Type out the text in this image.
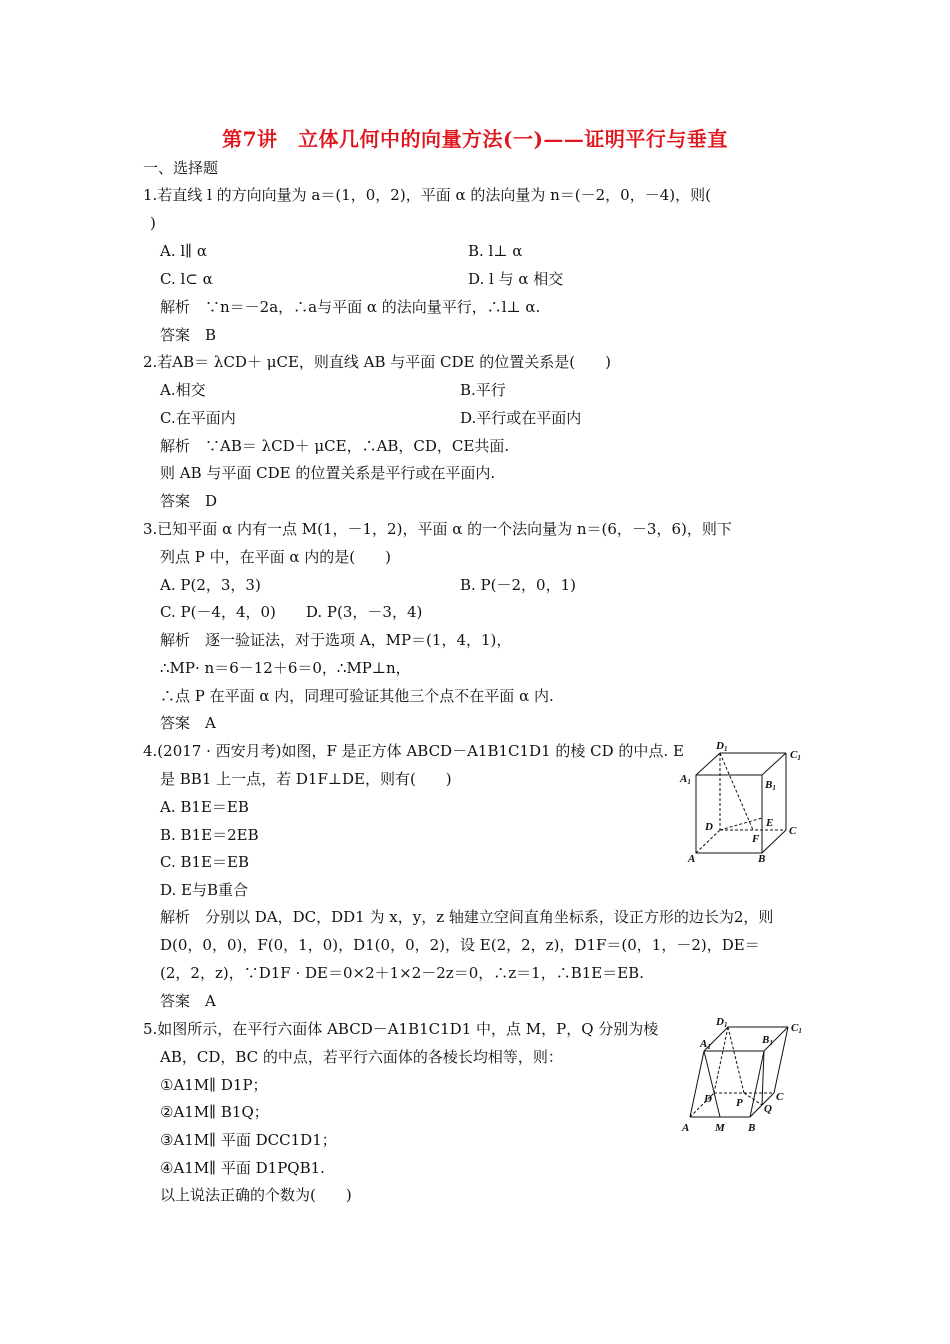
第7讲　立体几何中的向量方法(一)——证明平行与垂直
一、选择题
1.若直线 l 的方向向量为 a＝(1，0，2)，平面 α 的法向量为 n＝(－2，0，－4)，则(
)
A. l∥ α	B. l⊥ α
C. l⊂ α	D. l 与 α 相交
解析　∵n＝－2a，∴a与平面 α 的法向量平行，∴l⊥ α.
答案　B
2.若AB＝ λCD＋ μCE，则直线 AB 与平面 CDE 的位置关系是(　　)
A.相交	B.平行
C.在平面内	D.平行或在平面内
解析　∵AB＝ λCD＋ μCE，∴AB，CD，CE共面.
则 AB 与平面 CDE 的位置关系是平行或在平面内.
答案　D
3.已知平面 α 内有一点 M(1，－1，2)，平面 α 的一个法向量为 n＝(6，－3，6)，则下
列点 P 中，在平面 α 内的是(　　)
A. P(2，3，3)	B. P(－2，0，1)
C. P(－4，4，0)　　D. P(3，－3，4)
解析　逐一验证法，对于选项 A，MP＝(1，4，1)，
∴MP· n＝6－12＋6＝0，∴MP⊥n，
∴点 P 在平面 α 内，同理可验证其他三个点不在平面 α 内.
答案　A
4.(2017 · 西安月考)如图，F 是正方体 ABCD－A1B1C1D1 的棱 CD 的中点. E
是 BB1 上一点，若 D1F⊥DE，则有(　　)
A. B1E＝EB
B. B1E＝2EB
C. B1E＝EB
D. E与B重合
解析　分别以 DA，DC，DD1 为 x，y，z 轴建立空间直角坐标系，设正方形的边长为2，则
D(0，0，0)，F(0，1，0)，D1(0，0，2)，设 E(2，2，z)，D1F＝(0，1，－2)，DE＝
(2，2，z)，∵D1F · DE＝0×2＋1×2－2z＝0，∴z＝1，∴B1E＝EB.
答案　A
D1	C1
A1	B1
E
D
F
C
A	B
5.如图所示，在平行六面体 ABCD－A1B1C1D1 中，点 M，P，Q 分别为棱
AB，CD，BC 的中点，若平行六面体的各棱长均相等，则：
①A1M∥ D1P；
②A1M∥ B1Q；
③A1M∥ 平面 DCC1D1；
④A1M∥ 平面 D1PQB1.
以上说法正确的个数为(　　)
D1	C1
B1
A1
D P	C
Q
A M B
